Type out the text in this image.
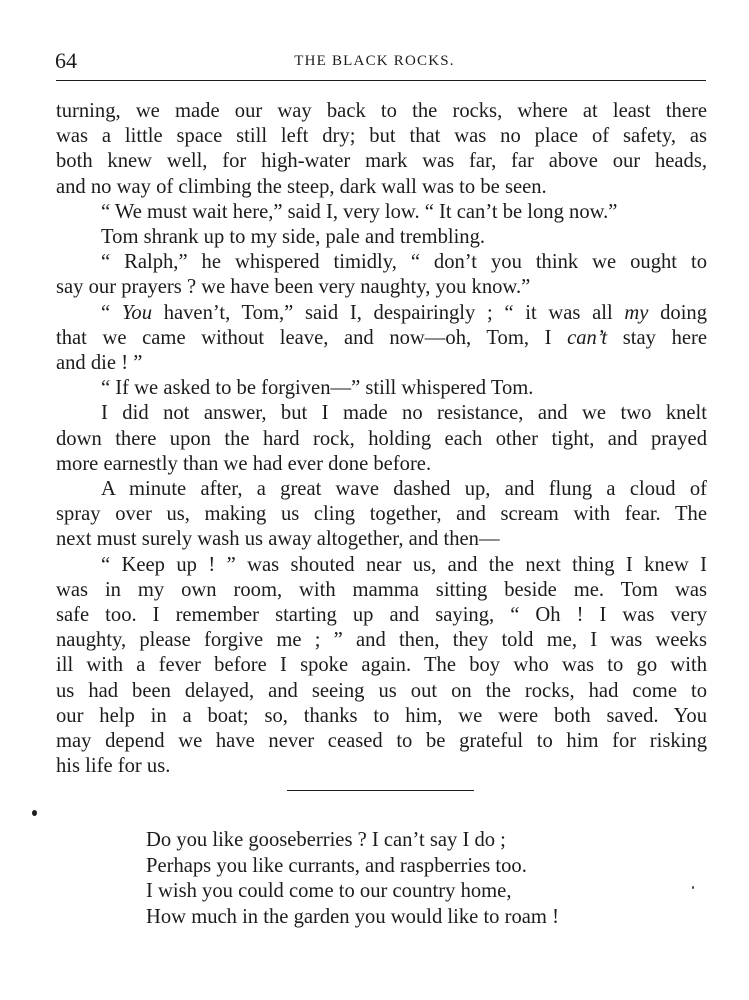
64	THE BLACK ROCKS.
turning, we made our way back to the rocks, where at least there
was a little space still left dry; but that was no place of safety, as
both knew well, for high-water mark was far, far above our heads,
and no way of climbing the steep, dark wall was to be seen.
“ We must wait here,” said I, very low. “ It can’t be long now.”
Tom shrank up to my side, pale and trembling.
“ Ralph,” he whispered timidly, “ don’t you think we ought to
say our prayers ? we have been very naughty, you know.”
“ You haven’t, Tom,” said I, despairingly ; “ it was all my doing
that we came without leave, and now—oh, Tom, I can’t stay here
and die ! ”
“ If we asked to be forgiven—” still whispered Tom.
I did not answer, but I made no resistance, and we two knelt
down there upon the hard rock, holding each other tight, and prayed
more earnestly than we had ever done before.
A minute after, a great wave dashed up, and flung a cloud of
spray over us, making us cling together, and scream with fear. The
next must surely wash us away altogether, and then—
“ Keep up ! ” was shouted near us, and the next thing I knew I
was in my own room, with mamma sitting beside me. Tom was
safe too. I remember starting up and saying, “ Oh ! I was very
naughty, please forgive me ; ” and then, they told me, I was weeks
ill with a fever before I spoke again. The boy who was to go with
us had been delayed, and seeing us out on the rocks, had come to
our help in a boat; so, thanks to him, we were both saved. You
may depend we have never ceased to be grateful to him for risking
his life for us.
Do you like gooseberries ? I can’t say I do ;
Perhaps you like currants, and raspberries too.
I wish you could come to our country home,
How much in the garden you would like to roam !
